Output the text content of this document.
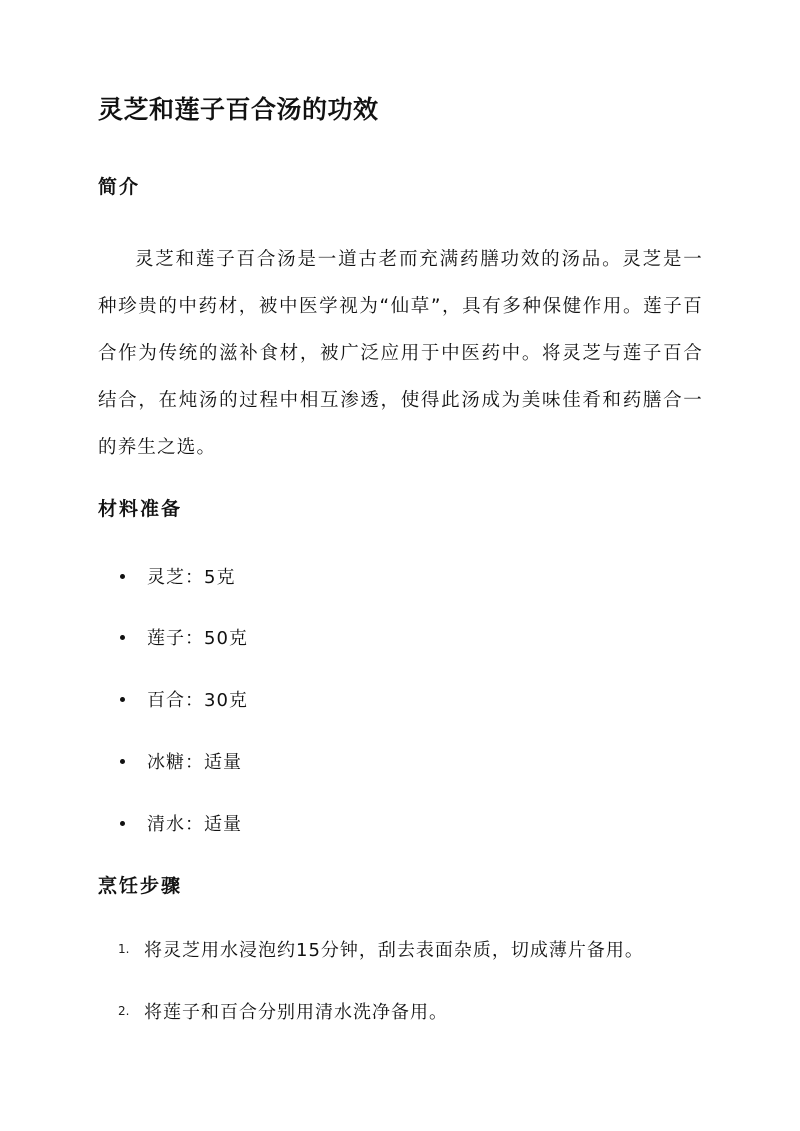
灵芝和莲子百合汤的功效
简介

灵芝和莲子百合汤是一道古老而充满药膳功效的汤品。灵芝是一种珍贵的中药材，被中医学视为“仙草”，具有多种保健作用。莲子百合作为传统的滋补食材，被广泛应用于中医药中。将灵芝与莲子百合结合，在炖汤的过程中相互渗透，使得此汤成为美味佳肴和药膳合一的养生之选。

材料准备
灵芝：5克
莲子：50克
百合：30克
冰糖：适量
清水：适量
烹饪步骤
1. 将灵芝用水浸泡约15分钟，刮去表面杂质，切成薄片备用。
2. 将莲子和百合分别用清水洗净备用。
